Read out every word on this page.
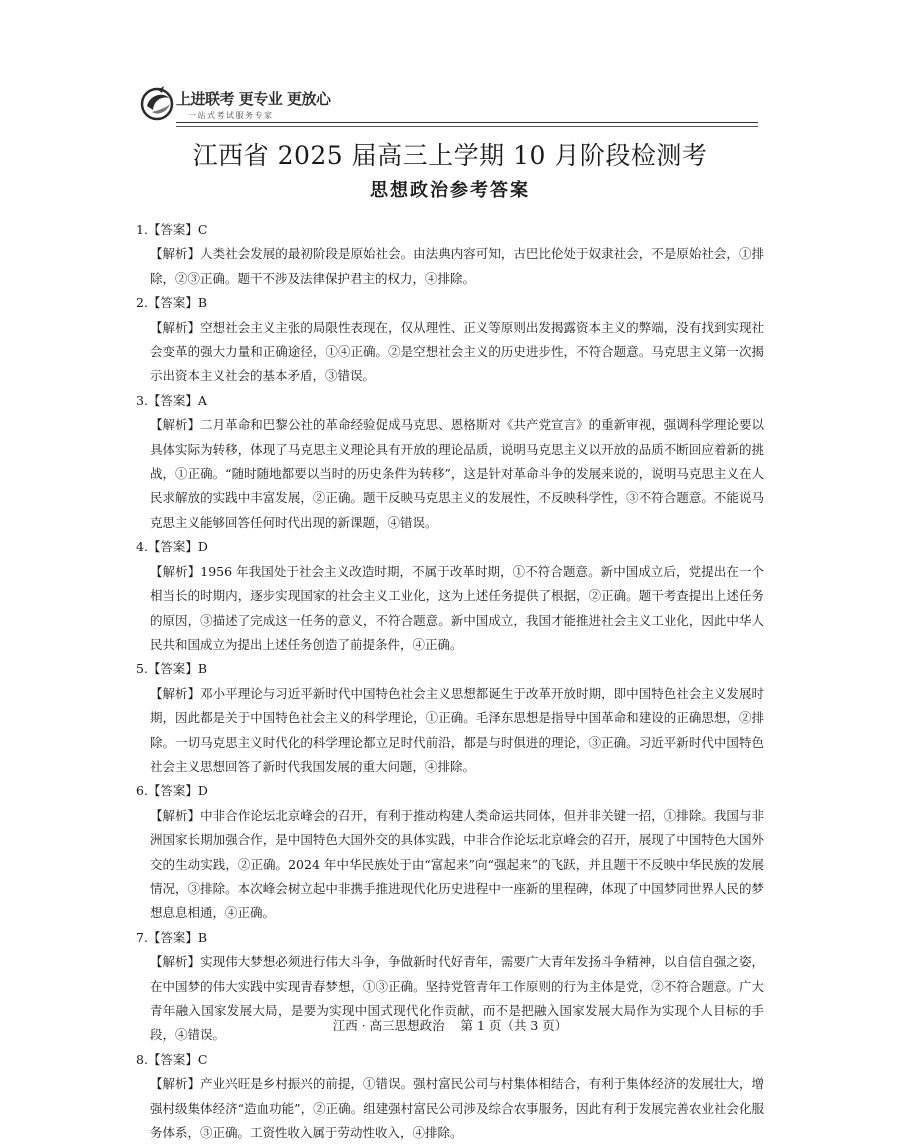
上进联考 更专业 更放心
一站式考试服务专家
江西省 2025 届高三上学期 10 月阶段检测考
思想政治参考答案
1.【答案】C

【解析】人类社会发展的最初阶段是原始社会。由法典内容可知，古巴比伦处于奴隶社会，不是原始社会，①排除，②③正确。题干不涉及法律保护君主的权力，④排除。

2.【答案】B

【解析】空想社会主义主张的局限性表现在，仅从理性、正义等原则出发揭露资本主义的弊端，没有找到实现社会变革的强大力量和正确途径，①④正确。②是空想社会主义的历史进步性，不符合题意。马克思主义第一次揭示出资本主义社会的基本矛盾，③错误。

3.【答案】A

【解析】二月革命和巴黎公社的革命经验促成马克思、恩格斯对《共产党宣言》的重新审视，强调科学理论要以具体实际为转移，体现了马克思主义理论具有开放的理论品质，说明马克思主义以开放的品质不断回应着新的挑战，①正确。“随时随地都要以当时的历史条件为转移”，这是针对革命斗争的发展来说的，说明马克思主义在人民求解放的实践中丰富发展，②正确。题干反映马克思主义的发展性，不反映科学性，③不符合题意。不能说马克思主义能够回答任何时代出现的新课题，④错误。

4.【答案】D

【解析】1956 年我国处于社会主义改造时期，不属于改革时期，①不符合题意。新中国成立后，党提出在一个相当长的时期内，逐步实现国家的社会主义工业化，这为上述任务提供了根据，②正确。题干考查提出上述任务的原因，③描述了完成这一任务的意义，不符合题意。新中国成立，我国才能推进社会主义工业化，因此中华人民共和国成立为提出上述任务创造了前提条件，④正确。

5.【答案】B

【解析】邓小平理论与习近平新时代中国特色社会主义思想都诞生于改革开放时期，即中国特色社会主义发展时期，因此都是关于中国特色社会主义的科学理论，①正确。毛泽东思想是指导中国革命和建设的正确思想，②排除。一切马克思主义时代化的科学理论都立足时代前沿，都是与时俱进的理论，③正确。习近平新时代中国特色社会主义思想回答了新时代我国发展的重大问题，④排除。

6.【答案】D

【解析】中非合作论坛北京峰会的召开，有利于推动构建人类命运共同体，但并非关键一招，①排除。我国与非洲国家长期加强合作，是中国特色大国外交的具体实践，中非合作论坛北京峰会的召开，展现了中国特色大国外交的生动实践，②正确。2024 年中华民族处于由“富起来”向“强起来”的飞跃，并且题干不反映中华民族的发展情况，③排除。本次峰会树立起中非携手推进现代化历史进程中一座新的里程碑，体现了中国梦同世界人民的梦想息息相通，④正确。

7.【答案】B

【解析】实现伟大梦想必须进行伟大斗争，争做新时代好青年，需要广大青年发扬斗争精神，以自信自强之姿，在中国梦的伟大实践中实现青春梦想，①③正确。坚持党管青年工作原则的行为主体是党，②不符合题意。广大青年融入国家发展大局，是要为实现中国式现代化作贡献，而不是把融入国家发展大局作为实现个人目标的手段，④错误。

8.【答案】C

【解析】产业兴旺是乡村振兴的前提，①错误。强村富民公司与村集体相结合，有利于集体经济的发展壮大，增强村级集体经济“造血功能”，②正确。组建强村富民公司涉及综合农事服务，因此有利于发展完善农业社会化服务体系，③正确。工资性收入属于劳动性收入，④排除。

江西 · 高三思想政治    第 1 页（共 3 页）
